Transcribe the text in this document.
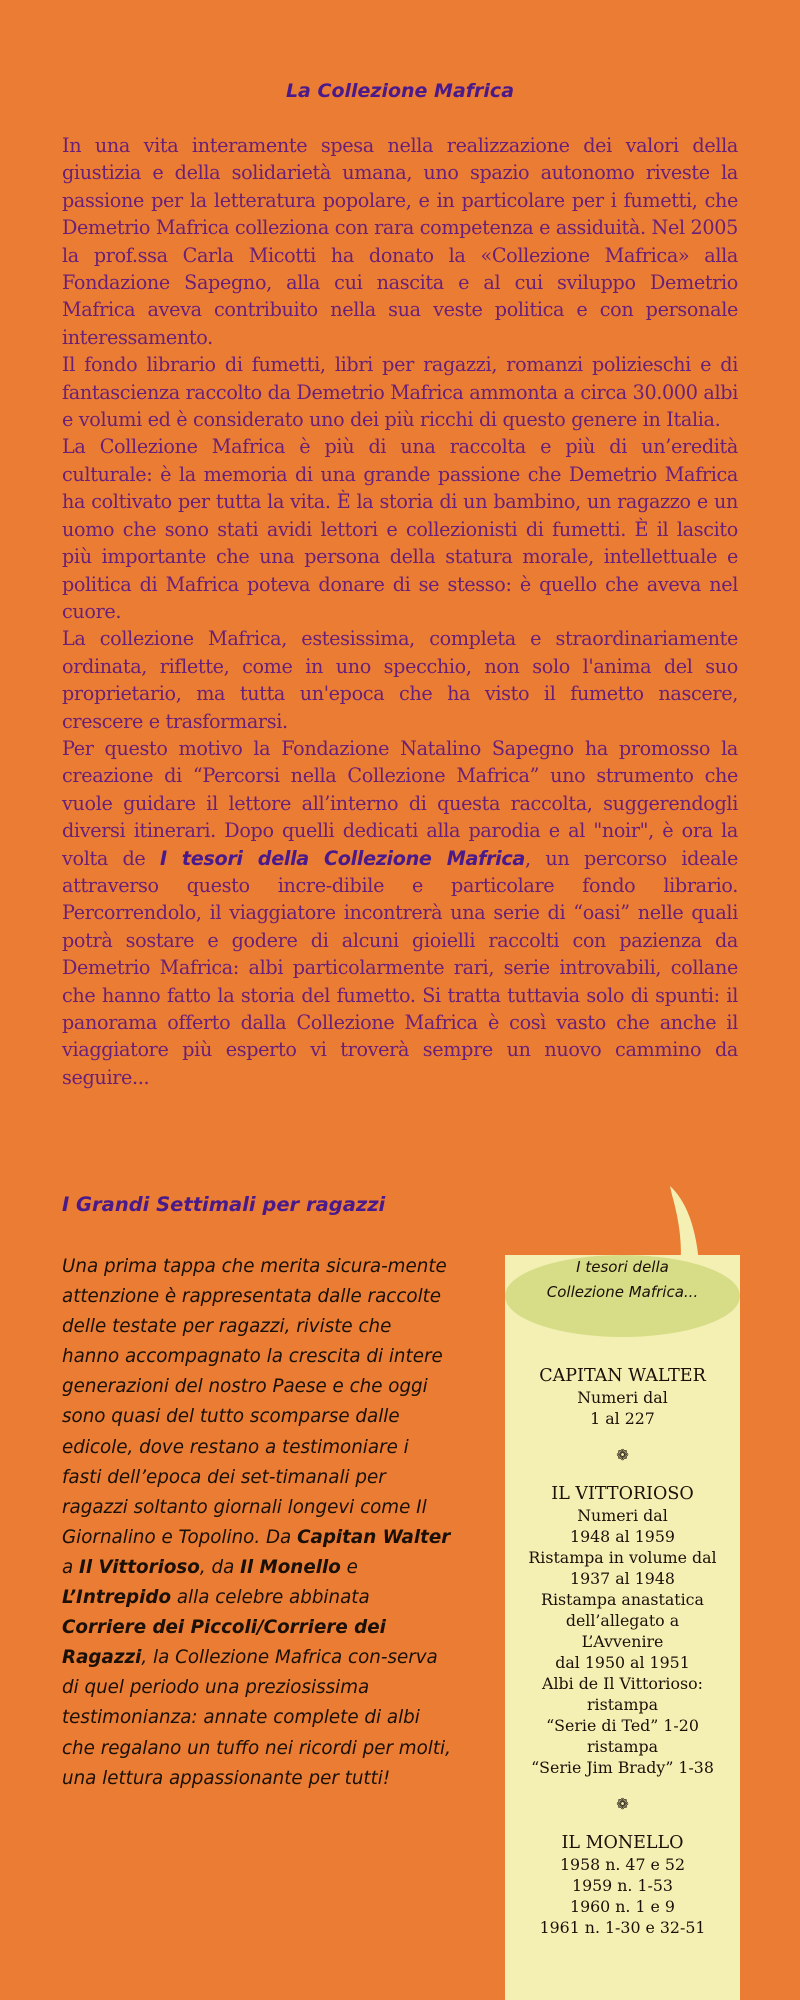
La Collezione Mafrica

In una vita interamente spesa nella realizzazione dei valori della giustizia e della solidarietà umana, uno spazio autonomo riveste la passione per la letteratura popolare, e in particolare per i fumetti, che Demetrio Mafrica colleziona con rara competenza e assiduità. Nel 2005 la prof.ssa Carla Micotti ha donato la «Collezione Mafrica» alla Fondazione Sapegno, alla cui nascita e al cui sviluppo Demetrio Mafrica aveva contribuito nella sua veste politica e con personale interessamento.

Il fondo librario di fumetti, libri per ragazzi, romanzi polizieschi e di fantascienza raccolto da Demetrio Mafrica ammonta a circa 30.000 albi e volumi ed è considerato uno dei più ricchi di questo genere in Italia.

La Collezione Mafrica è più di una raccolta e più di un’eredità culturale: è la memoria di una grande passione che Demetrio Mafrica ha coltivato per tutta la vita. È la storia di un bambino, un ragazzo e un uomo che sono stati avidi lettori e collezionisti di fumetti. È il lascito più importante che una persona della statura morale, intellettuale e politica di Mafrica poteva donare di se stesso: è quello che aveva nel cuore.

La collezione Mafrica, estesissima, completa e straordinariamente ordinata, riflette, come in uno specchio, non solo l'anima del suo proprietario, ma tutta un'epoca che ha visto il fumetto nascere, crescere e trasformarsi.

Per questo motivo la Fondazione Natalino Sapegno ha promosso la creazione di “Percorsi nella Collezione Mafrica” uno strumento che vuole guidare il lettore all’interno di questa raccolta, suggerendogli diversi itinerari. Dopo quelli dedicati alla parodia e al "noir", è ora la volta de I tesori della Collezione Mafrica, un percorso ideale attraverso questo incre-dibile e particolare fondo librario. Percorrendolo, il viaggiatore incontrerà una serie di “oasi” nelle quali potrà sostare e godere di alcuni gioielli raccolti con pazienza da Demetrio Mafrica: albi particolarmente rari, serie introvabili, collane che hanno fatto la storia del fumetto. Si tratta tuttavia solo di spunti: il panorama offerto dalla Collezione Mafrica è così vasto che anche il viaggiatore più esperto vi troverà sempre un nuovo cammino da seguire...

I Grandi Settimali per ragazzi
Una prima tappa che merita sicura-mente attenzione è rappresentata dalle raccolte delle testate per ragazzi, riviste che hanno accompagnato la crescita di intere generazioni del nostro Paese e che oggi sono quasi del tutto scomparse dalle edicole, dove restano a testimoniare i fasti dell’epoca dei set-timanali per ragazzi soltanto giornali longevi come Il Giornalino e Topolino. Da Capitan Walter a Il Vittorioso, da Il Monello e L’Intrepido alla celebre abbinata Corriere dei Piccoli/Corriere dei Ragazzi, la Collezione Mafrica con-serva di quel periodo una preziosissima testimonianza: annate complete di albi che regalano un tuffo nei ricordi per molti, una lettura appassionante per tutti!
I tesori della
Collezione Mafrica...
CAPITAN WALTER
Numeri dal
1 al 227
❁
IL VITTORIOSO
Numeri dal
1948 al 1959
Ristampa in volume dal
1937 al 1948
Ristampa anastatica
dell’allegato a
L’Avvenire
dal 1950 al 1951
Albi de Il Vittorioso:
ristampa
“Serie di Ted” 1-20
ristampa
“Serie Jim Brady” 1-38
❁
IL MONELLO
1958 n. 47 e 52
1959 n. 1-53
1960 n. 1 e 9
1961 n. 1-30 e 32-51
